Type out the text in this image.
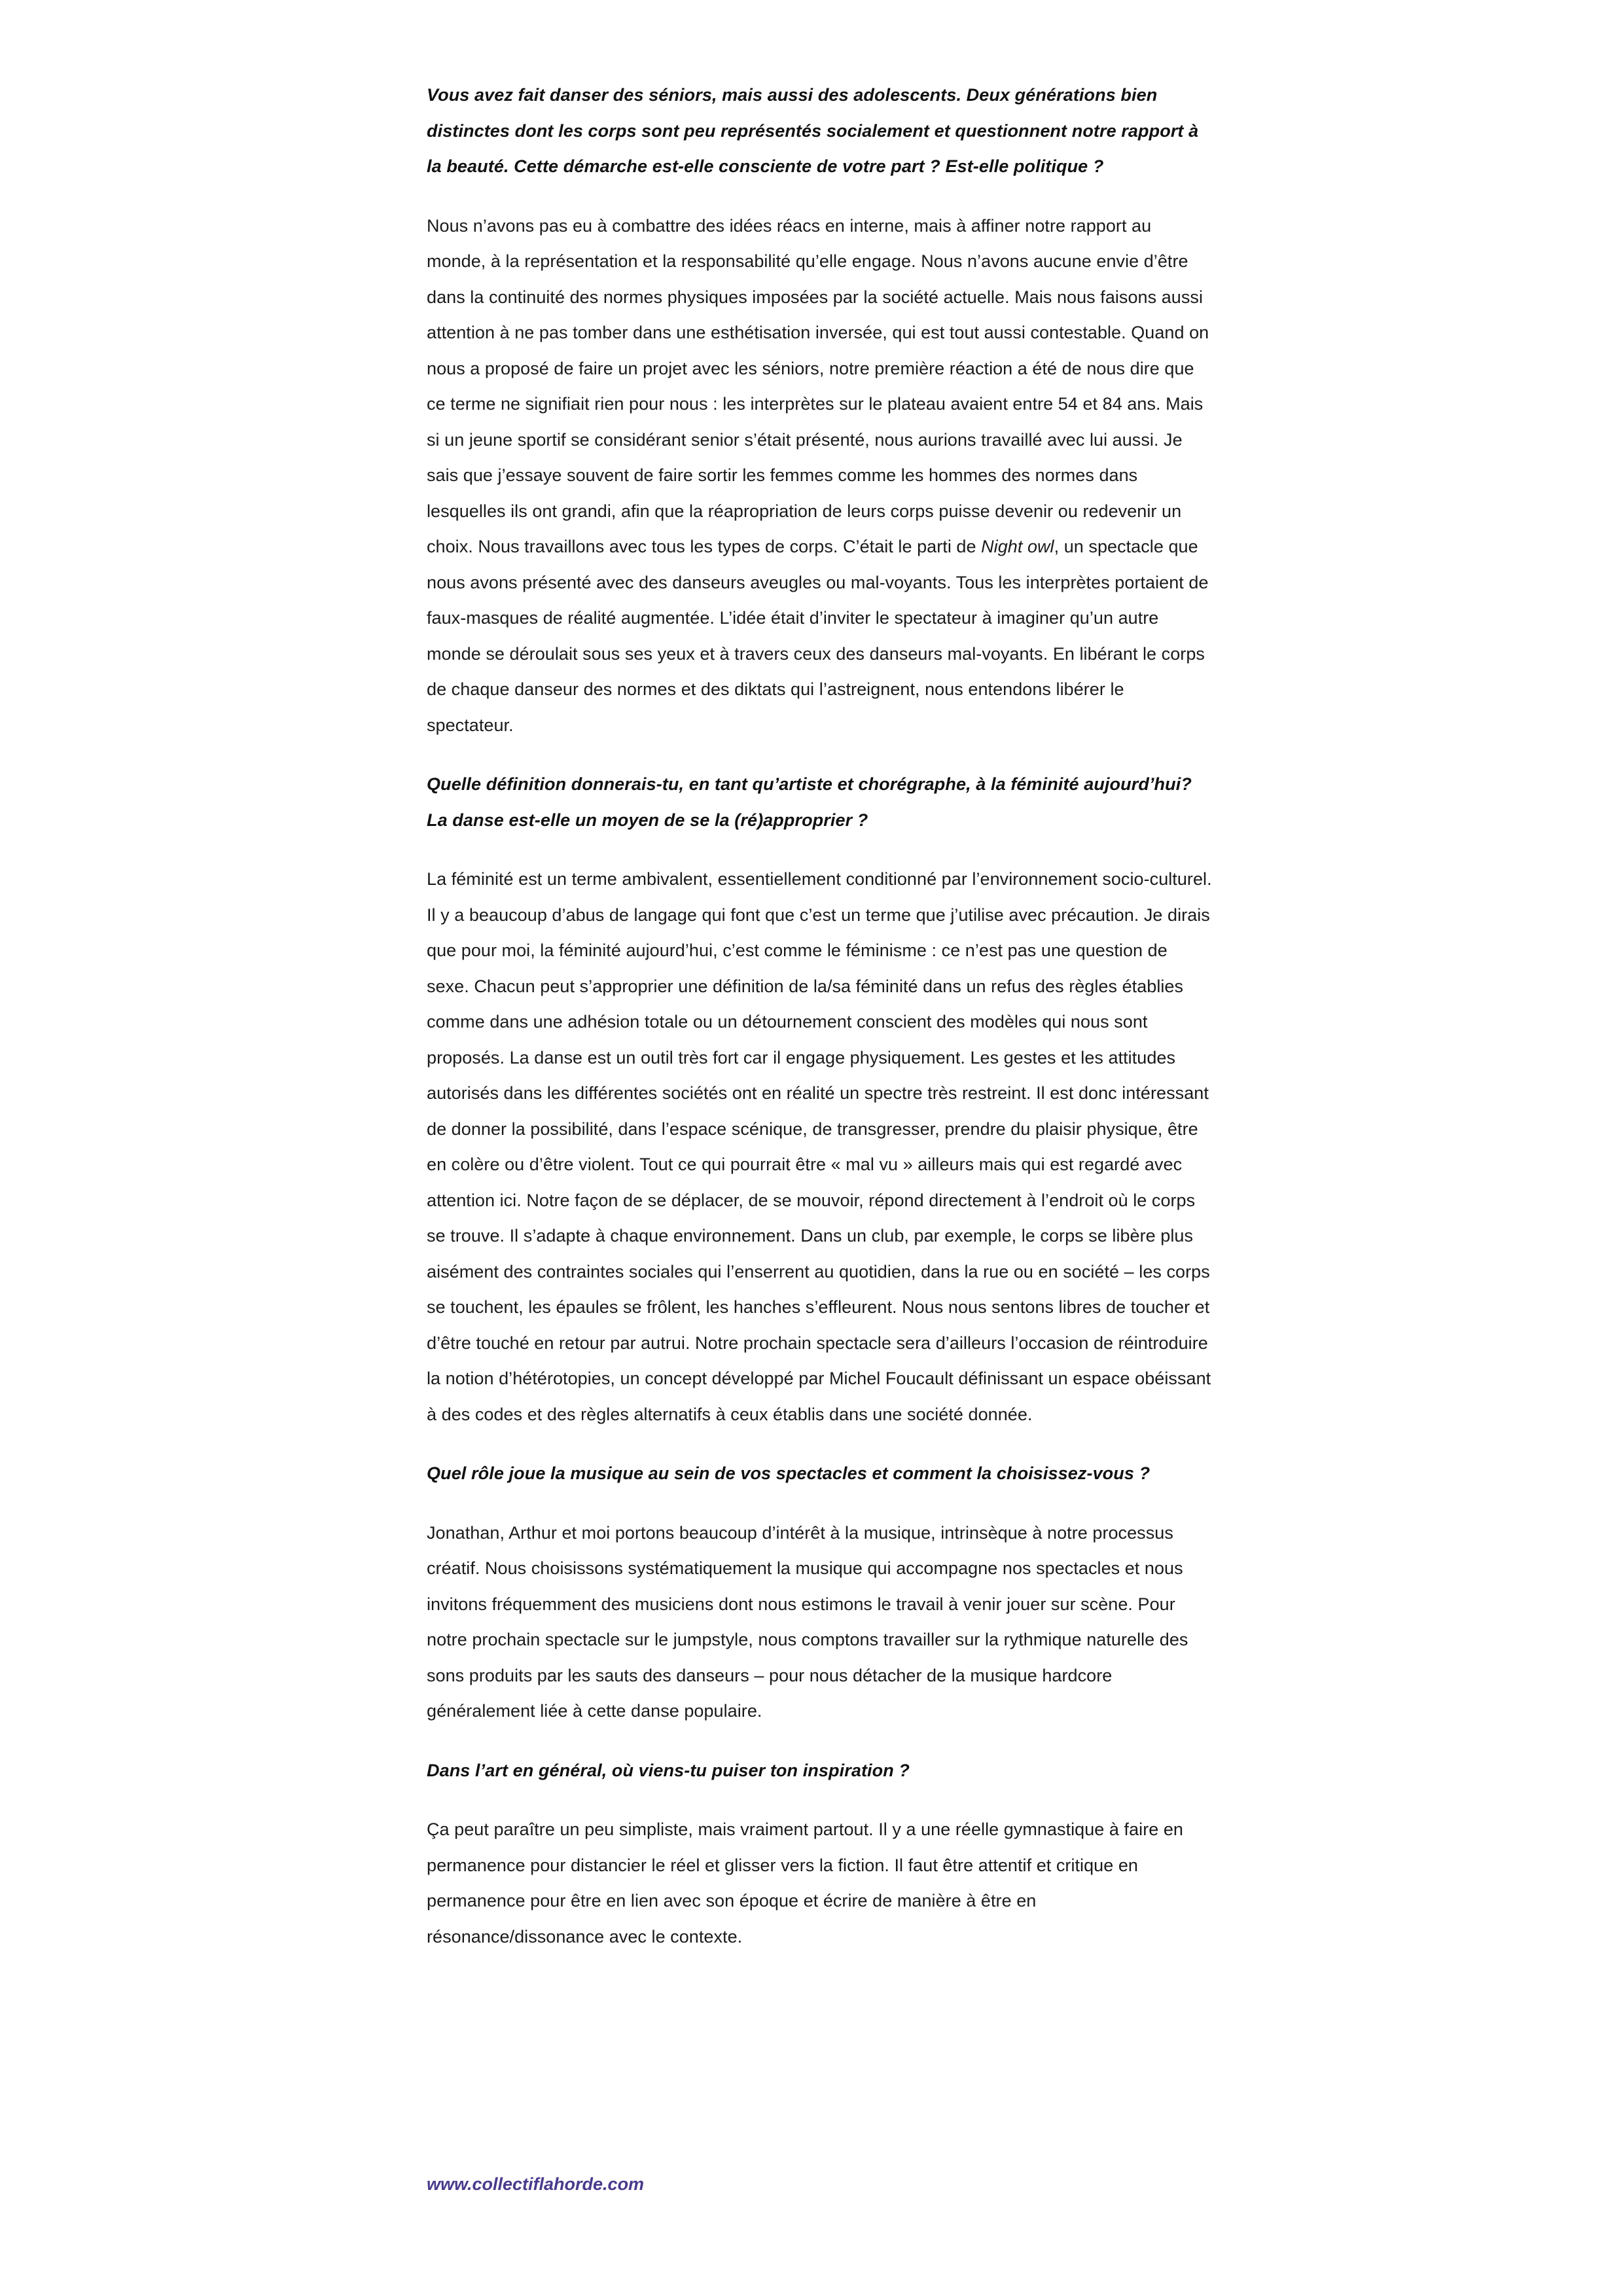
Vous avez fait danser des séniors, mais aussi des adolescents. Deux générations bien distinctes dont les corps sont peu représentés socialement et questionnent notre rapport à la beauté. Cette démarche est-elle consciente de votre part ? Est-elle politique ?

Nous n’avons pas eu à combattre des idées réacs en interne, mais à affiner notre rapport au monde, à la représentation et la responsabilité qu’elle engage. Nous n’avons aucune envie d’être dans la continuité des normes physiques imposées par la société actuelle. Mais nous faisons aussi attention à ne pas tomber dans une esthétisation inversée, qui est tout aussi contestable. Quand on nous a proposé de faire un projet avec les séniors, notre première réaction a été de nous dire que ce terme ne signifiait rien pour nous : les interprètes sur le plateau avaient entre 54 et 84 ans. Mais si un jeune sportif se considérant senior s’était présenté, nous aurions travaillé avec lui aussi. Je sais que j’essaye souvent de faire sortir les femmes comme les hommes des normes dans lesquelles ils ont grandi, afin que la réapropriation de leurs corps puisse devenir ou redevenir un choix. Nous travaillons avec tous les types de corps. C’était le parti de Night owl, un spectacle que nous avons présenté avec des danseurs aveugles ou mal-voyants. Tous les interprètes portaient de faux-masques de réalité augmentée. L’idée était d’inviter le spectateur à imaginer qu’un autre monde se déroulait sous ses yeux et à travers ceux des danseurs mal-voyants. En libérant le corps de chaque danseur des normes et des diktats qui l’astreignent, nous entendons libérer le spectateur.

Quelle définition donnerais-tu, en tant qu’artiste et chorégraphe, à la féminité aujourd’hui? La danse est-elle un moyen de se la (ré)approprier ?

La féminité est un terme ambivalent, essentiellement conditionné par l’environnement socio-culturel. Il y a beaucoup d’abus de langage qui font que c’est un terme que j’utilise avec précaution. Je dirais que pour moi, la féminité aujourd’hui, c’est comme le féminisme : ce n’est pas une question de sexe. Chacun peut s’approprier une définition de la/sa féminité dans un refus des règles établies comme dans une adhésion totale ou un détournement conscient des modèles qui nous sont proposés. La danse est un outil très fort car il engage physiquement. Les gestes et les attitudes autorisés dans les différentes sociétés ont en réalité un spectre très restreint. Il est donc intéressant de donner la possibilité, dans l’espace scénique, de transgresser, prendre du plaisir physique, être en colère ou d’être violent. Tout ce qui pourrait être « mal vu » ailleurs mais qui est regardé avec attention ici. Notre façon de se déplacer, de se mouvoir, répond directement à l’endroit où le corps se trouve. Il s’adapte à chaque environnement. Dans un club, par exemple, le corps se libère plus aisément des contraintes sociales qui l’enserrent au quotidien, dans la rue ou en société – les corps se touchent, les épaules se frôlent, les hanches s’effleurent. Nous nous sentons libres de toucher et d’être touché en retour par autrui. Notre prochain spectacle sera d’ailleurs l’occasion de réintroduire la notion d’hétérotopies, un concept développé par Michel Foucault définissant un espace obéissant à des codes et des règles alternatifs à ceux établis dans une société donnée.

Quel rôle joue la musique au sein de vos spectacles et comment la choisissez-vous ?

Jonathan, Arthur et moi portons beaucoup d’intérêt à la musique, intrinsèque à notre processus créatif. Nous choisissons systématiquement la musique qui accompagne nos spectacles et nous invitons fréquemment des musiciens dont nous estimons le travail à venir jouer sur scène. Pour notre prochain spectacle sur le jumpstyle, nous comptons travailler sur la rythmique naturelle des sons produits par les sauts des danseurs – pour nous détacher de la musique hardcore généralement liée à cette danse populaire.

Dans l’art en général, où viens-tu puiser ton inspiration ?

Ça peut paraître un peu simpliste, mais vraiment partout. Il y a une réelle gymnastique à faire en permanence pour distancier le réel et glisser vers la fiction. Il faut être attentif et critique en permanence pour être en lien avec son époque et écrire de manière à être en résonance/dissonance avec le contexte.

www.collectiflahorde.com
